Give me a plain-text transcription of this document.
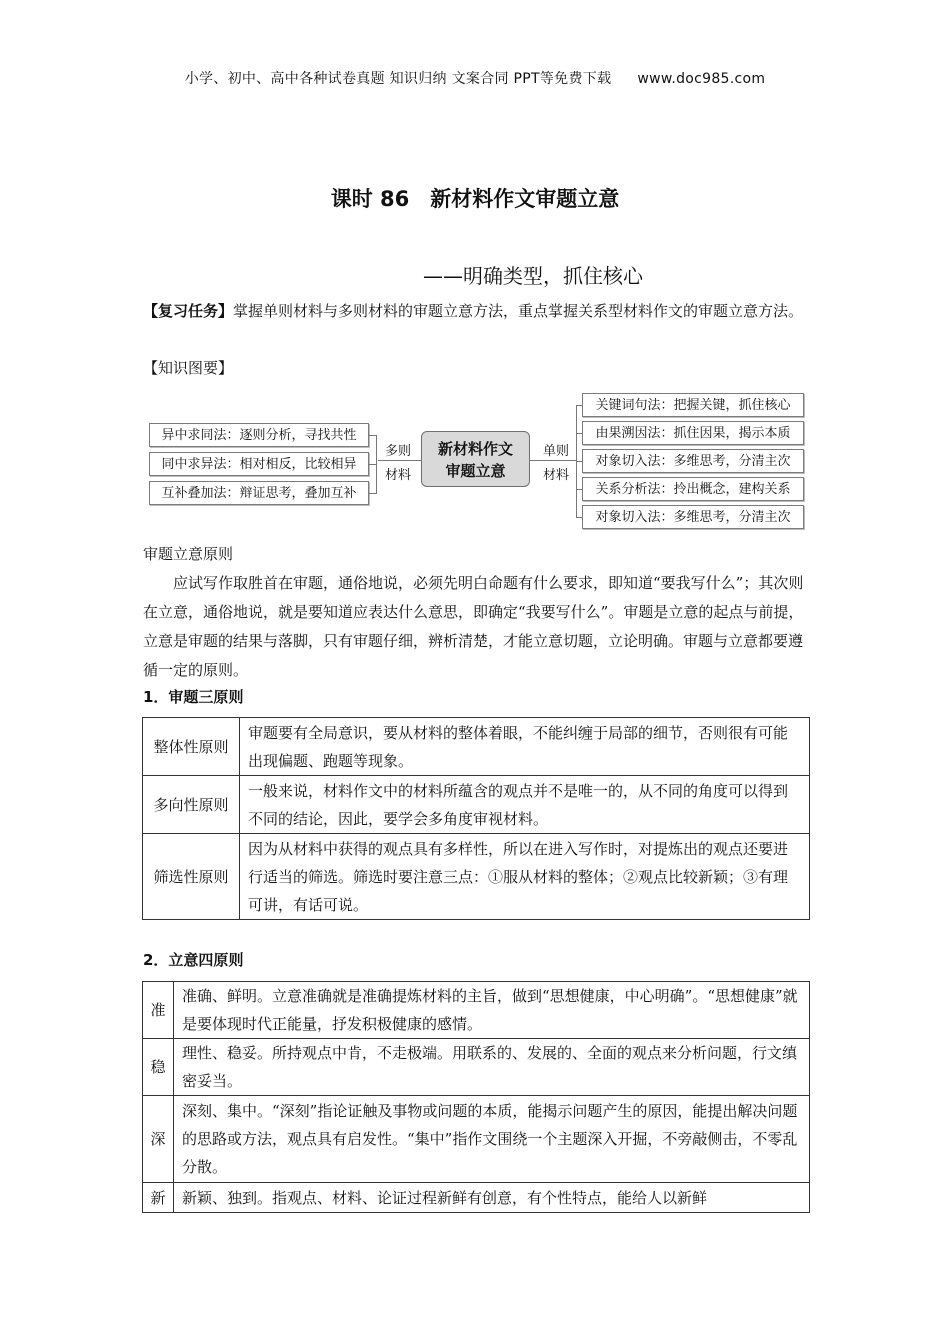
小学、初中、高中各种试卷真题 知识归纳 文案合同 PPT等免费下载 www.doc985.com
课时 86　新材料作文审题立意
——明确类型，抓住核心
【复习任务】掌握单则材料与多则材料的审题立意方法，重点掌握关系型材料作文的审题立意方法。
【知识图要】
异中求同法：逐则分析，寻找共性
同中求异法：相对相反，比较相异
互补叠加法：辩证思考，叠加互补
多则
材料
新材料作文
审题立意
单则
材料
关键词句法：把握关键，抓住核心
由果溯因法：抓住因果，揭示本质
对象切入法：多维思考，分清主次
关系分析法：拎出概念，建构关系
对象切入法：多维思考，分清主次
审题立意原则
应试写作取胜首在审题，通俗地说，必须先明白命题有什么要求，即知道“要我写什么”；其次则在立意，通俗地说，就是要知道应表达什么意思，即确定“我要写什么”。审题是立意的起点与前提，立意是审题的结果与落脚，只有审题仔细，辨析清楚，才能立意切题，立论明确。审题与立意都要遵循一定的原则。
1．审题三原则
整体性原则	审题要有全局意识，要从材料的整体着眼，不能纠缠于局部的细节，否则很有可能出现偏题、跑题等现象。
多向性原则	一般来说，材料作文中的材料所蕴含的观点并不是唯一的，从不同的角度可以得到不同的结论，因此，要学会多角度审视材料。
筛选性原则	因为从材料中获得的观点具有多样性，所以在进入写作时，对提炼出的观点还要进行适当的筛选。筛选时要注意三点：①服从材料的整体；②观点比较新颖；③有理可讲，有话可说。
2．立意四原则
准	准确、鲜明。立意准确就是准确提炼材料的主旨，做到“思想健康，中心明确”。“思想健康”就是要体现时代正能量，抒发积极健康的感情。
稳	理性、稳妥。所持观点中肯，不走极端。用联系的、发展的、全面的观点来分析问题，行文缜密妥当。
深	深刻、集中。“深刻”指论证触及事物或问题的本质，能揭示问题产生的原因，能提出解决问题的思路或方法，观点具有启发性。“集中”指作文围绕一个主题深入开掘，不旁敲侧击，不零乱分散。
新	新颖、独到。指观点、材料、论证过程新鲜有创意，有个性特点，能给人以新鲜
